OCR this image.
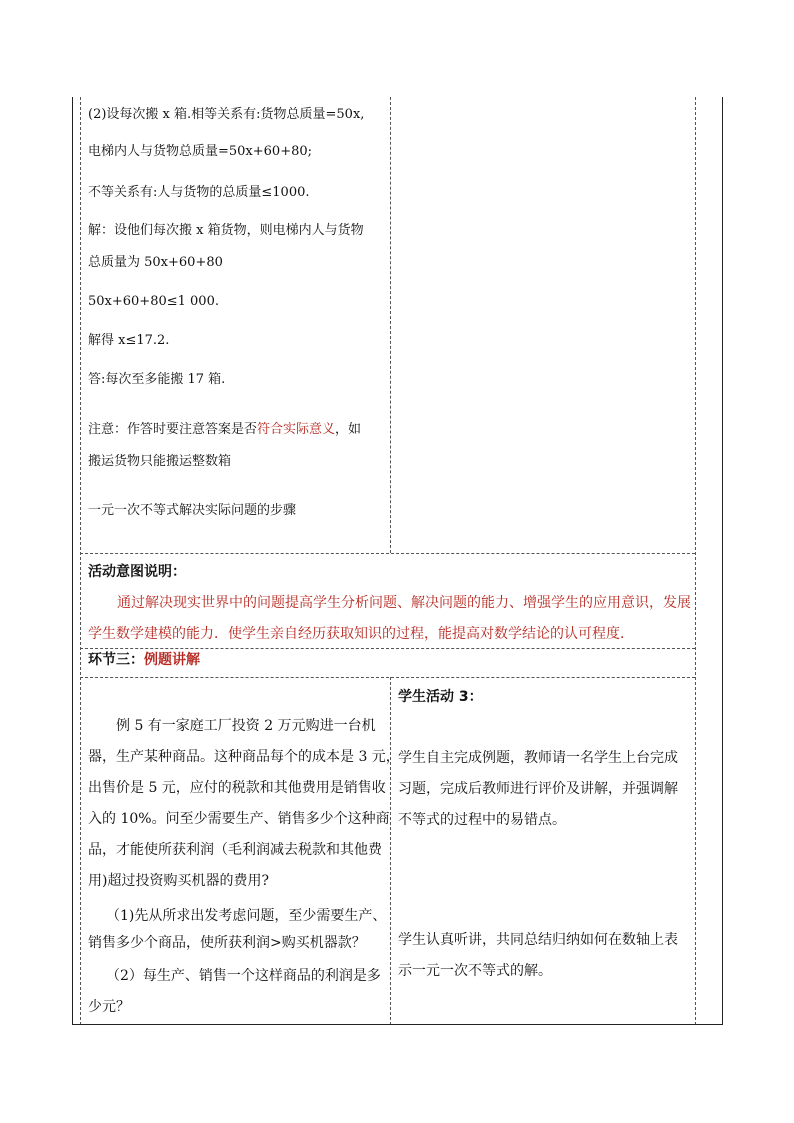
(2)设每次搬 x 箱.相等关系有:货物总质量=50x,
电梯内人与货物总质量=50x+60+80;
不等关系有:人与货物的总质量≤1000.
解：设他们每次搬 x 箱货物，则电梯内人与货物
总质量为 50x+60+80
50x+60+80≤1 000.
解得 x≤17.2.
答:每次至多能搬 17 箱.
注意：作答时要注意答案是否符合实际意义，如
搬运货物只能搬运整数箱
一元一次不等式解决实际问题的步骤
活动意图说明：
通过解决现实世界中的问题提高学生分析问题、解决问题的能力、增强学生的应用意识，发展
学生数学建模的能力．使学生亲自经历获取知识的过程，能提高对数学结论的认可程度．
环节三：例题讲解
例 5 有一家庭工厂投资 2 万元购进一台机
器，生产某种商品。这种商品每个的成本是 3 元，
出售价是 5 元，应付的税款和其他费用是销售收
入的 10%。问至少需要生产、销售多少个这种商
品，才能使所获利润（毛利润减去税款和其他费
用)超过投资购买机器的费用?
（1)先从所求出发考虑问题，至少需要生产、
销售多少个商品，使所获利润>购买机器款？
（2）每生产、销售一个这样商品的利润是多
少元？
学生活动 3：
学生自主完成例题，教师请一名学生上台完成
习题，完成后教师进行评价及讲解，并强调解
不等式的过程中的易错点。
学生认真听讲，共同总结归纳如何在数轴上表
示一元一次不等式的解。
